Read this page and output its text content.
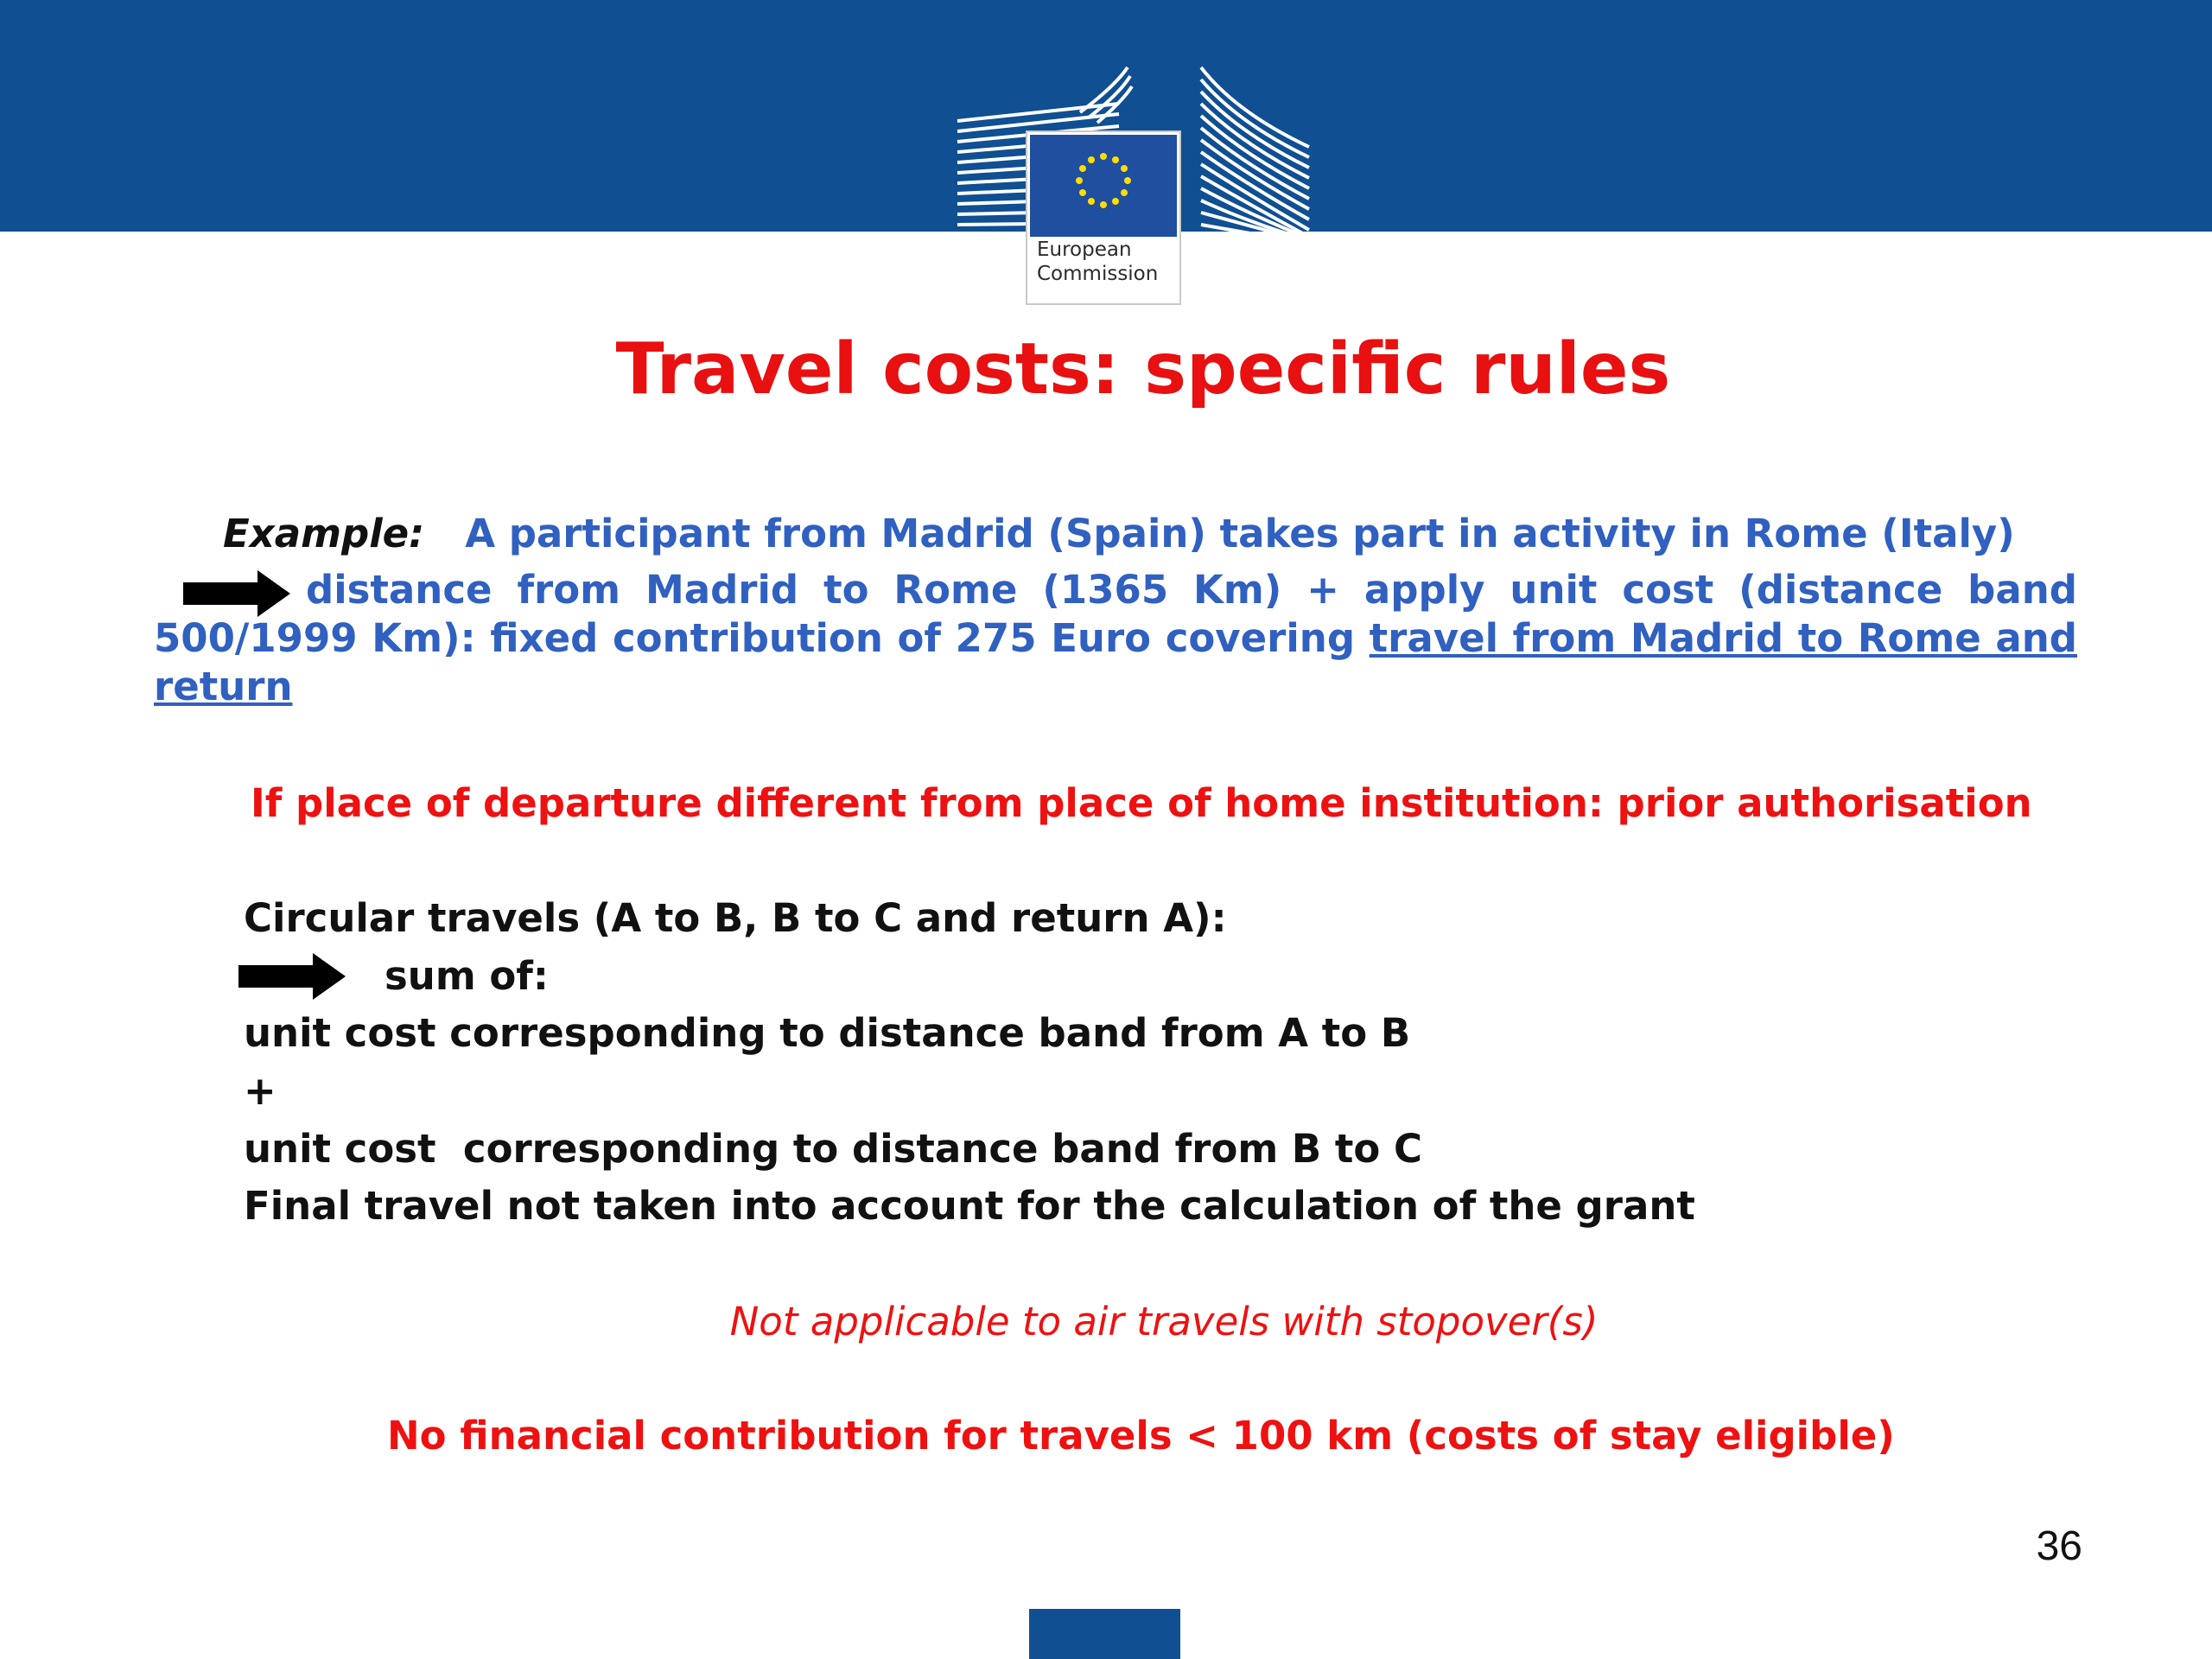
European
Commission
Travel costs: specific rules
Example: A participant from Madrid (Spain) takes part in activity in Rome (Italy)
distance from Madrid to Rome (1365 Km) + apply unit cost (distance band 500/1999 Km): fixed contribution of 275 Euro covering travel from Madrid to Rome and return
If place of departure different from place of home institution: prior authorisation
Circular travels (A to B, B to C and return A):
sum of:
unit cost corresponding to distance band from A to B
+
unit cost  corresponding to distance band from B to C
Final travel not taken into account for the calculation of the grant
Not applicable to air travels with stopover(s)
No financial contribution for travels < 100 km (costs of stay eligible)
36
